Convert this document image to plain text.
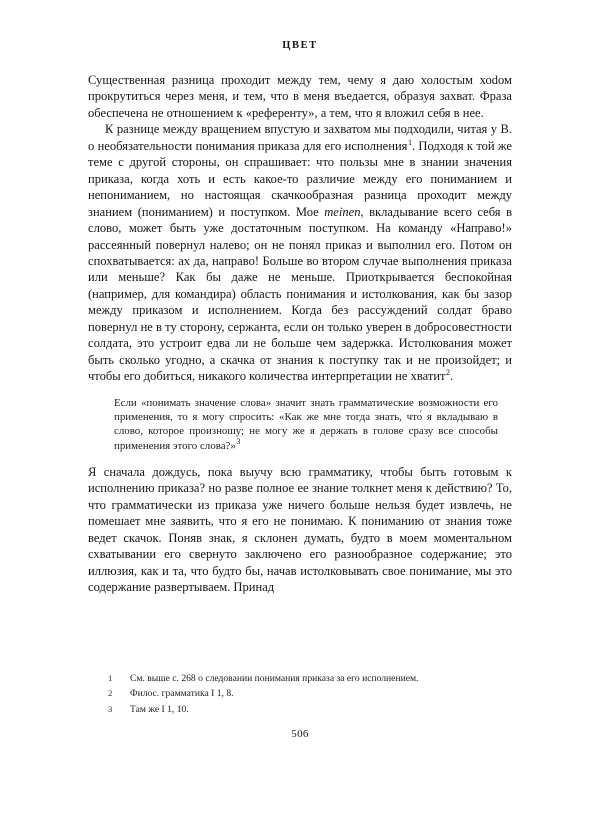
ЦВЕТ

Существенная разница проходит между тем, чему я даю холостым хоdом прокрутиться через меня, и тем, что в меня въедается, образуя захват. Фраза обеспечена не отношением к «референту», а тем, что я вложил себя в нее.

К разнице между вращением впустую и захватом мы подходили, читая у В. о необязательности понимания приказа для его исполнения$^1$. Подходя к той же теме с другой стороны, он спрашивает: что пользы мне в знании значения приказа, когда хоть и есть какое-то различие между его пониманием и непониманием, но настоящая скачкообразная разница проходит между знанием (пониманием) и поступком. Мое meinen, вкладывание всего себя в слово, может быть уже достаточным поступком. На команду «Направо!» рассеянный повернул налево; он не понял приказ и выполнил его. Потом он спохватывается: ах да, направо! Больше во втором случае выполнения приказа или меньше? Как бы даже не меньше. Приоткрывается беспокойная (например, для командира) область понимания и истолкования, как бы зазор между приказом и исполнением. Когда без рассуждений солдат браво повернул не в ту сторону, сержанта, если он только уверен в добросовестности солдата, это устроит едва ли не больше чем задержка. Истолкования может быть сколько угодно, а скачка от знания к поступку так и не произойдет; и чтобы его добиться, никакого количества интерпретации не хватит$^2$.

Если «понимать значение слова» значит знать грамматические возможности его применения, то я могу спросить: «Как же мне тогда знать, что́ я вкладываю в слово, которое произношу; не могу же я держать в голове сразу все способы применения этого слова?»$^3$

Я сначала дождусь, пока выучу всю грамматику, чтобы быть готовым к исполнению приказа? но разве полное ее знание толкнет меня к действию? То, что грамматически из приказа уже ничего больше нельзя будет извлечь, не помешает мне заявить, что я его не понимаю. К пониманию от знания тоже ведет скачок. Поняв знак, я склонен думать, будто в моем моментальном схватывании его свернуто заключено его разнообразное содержание; это иллюзия, как и та, что будто бы, начав истолковывать свое понимание, мы это содержание развертываем. Принад

1	См. выше с. 268 о следовании понимания приказа за его исполнением.
2	Филос. грамматика I 1, 8.
3	Там же I 1, 10.
506
